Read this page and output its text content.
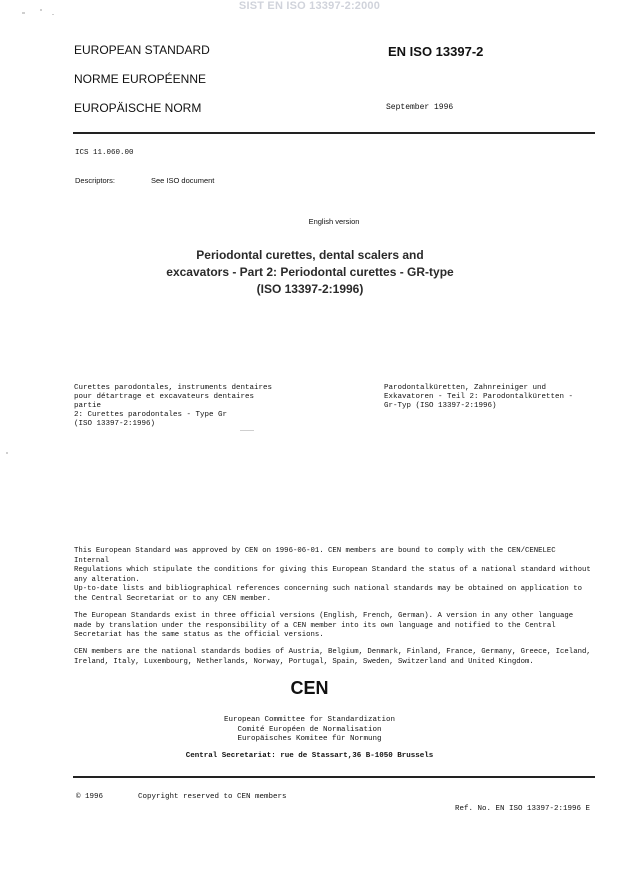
SIST EN ISO 13397-2:2000
EUROPEAN STANDARD
NORME EUROPÉENNE
EUROPÄISCHE NORM
EN ISO 13397-2
September 1996
ICS 11.060.00
Descriptors:	See ISO document
English version
Periodontal curettes, dental scalers and
excavators - Part 2: Periodontal curettes - GR-type
(ISO 13397-2:1996)
Curettes parodontales, instruments dentaires
pour détartrage et excavateurs dentaires partie
2: Curettes parodontales - Type Gr
(ISO 13397-2:1996)
Parodontalküretten, Zahnreiniger und
Exkavatoren - Teil 2: Parodontalküretten -
Gr-Typ (ISO 13397-2:1996)
This European Standard was approved by CEN on 1996-06-01. CEN members are bound to comply with the CEN/CENELEC Internal
Regulations which stipulate the conditions for giving this European Standard the status of a national standard without
any alteration.
Up-to-date lists and bibliographical references concerning such national standards may be obtained on application to
the Central Secretariat or to any CEN member.
The European Standards exist in three official versions (English, French, German). A version in any other language
made by translation under the responsibility of a CEN member into its own language and notified to the Central
Secretariat has the same status as the official versions.
CEN members are the national standards bodies of Austria, Belgium, Denmark, Finland, France, Germany, Greece, Iceland,
Ireland, Italy, Luxembourg, Netherlands, Norway, Portugal, Spain, Sweden, Switzerland and United Kingdom.
CEN
European Committee for Standardization
Comité Européen de Normalisation
Europäisches Komitee für Normung
Central Secretariat: rue de Stassart,36 B-1050 Brussels
© 1996	Copyright reserved to CEN members
Ref. No. EN ISO 13397-2:1996 E
